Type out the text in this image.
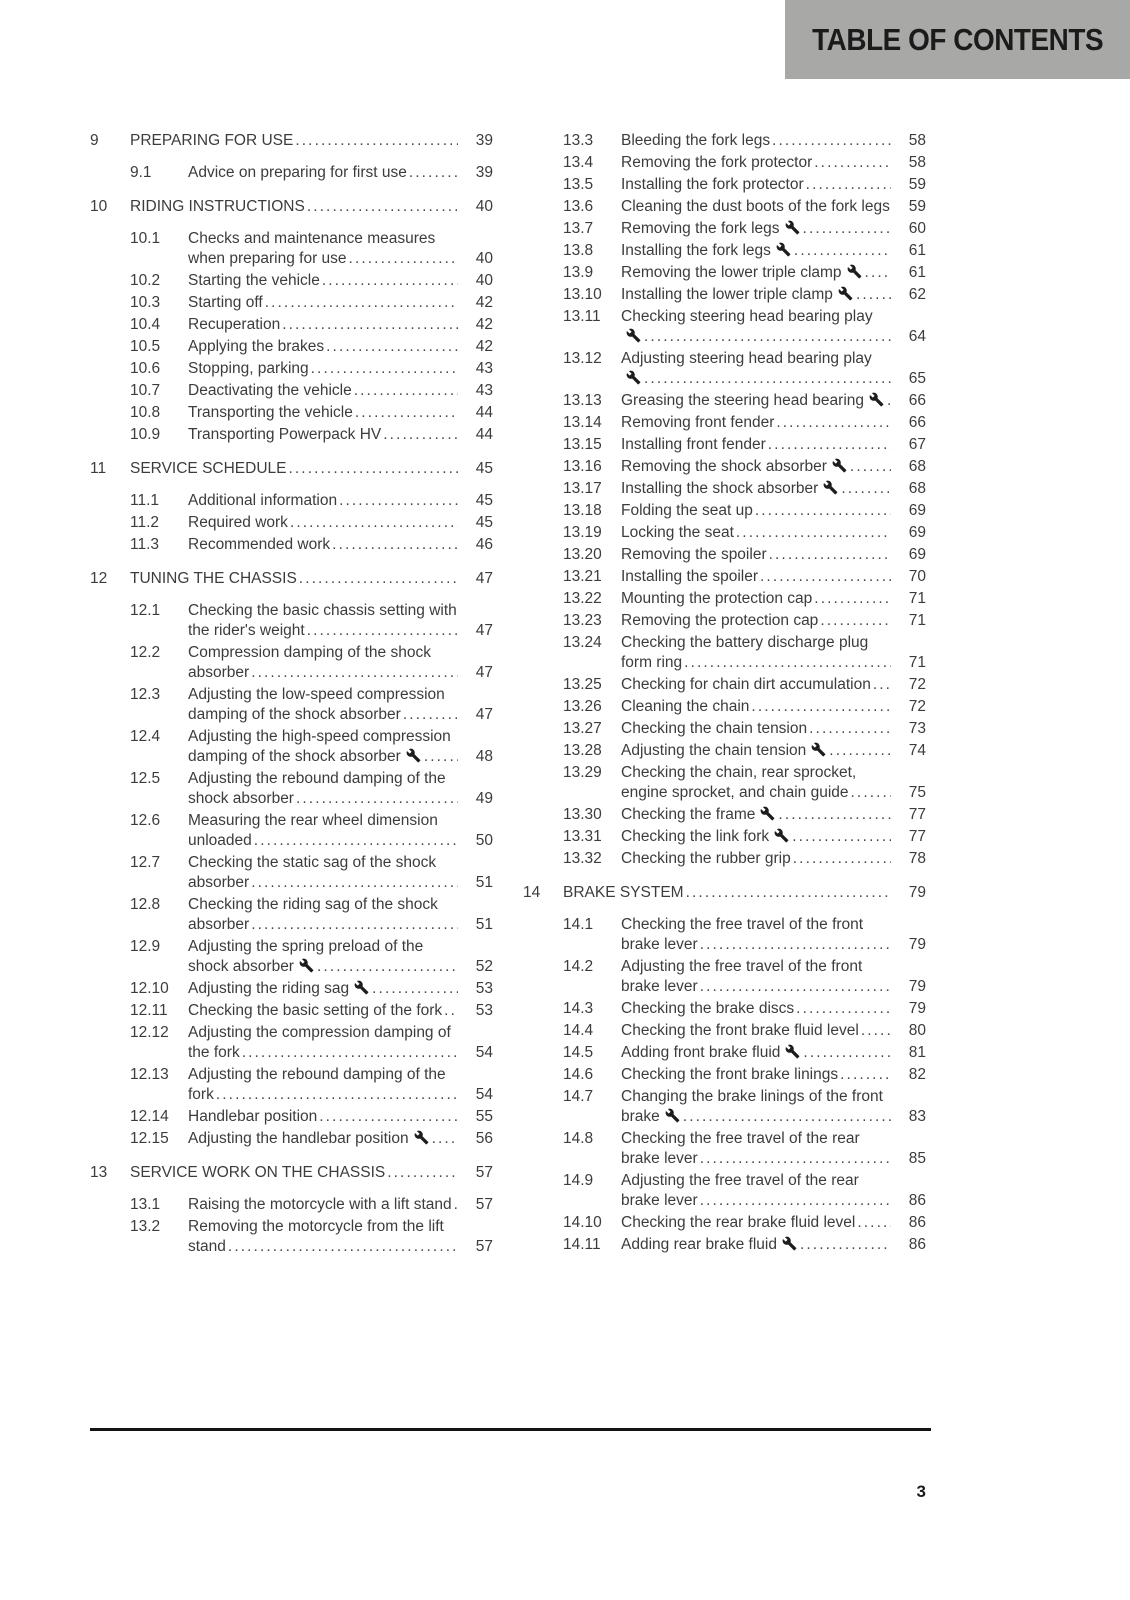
TABLE OF CONTENTS
9	PREPARING FOR USE .....	39
9.1	Advice on preparing for first use .....	39
10	RIDING INSTRUCTIONS .....	40
10.1	Checks and maintenance measures when preparing for use .....	40
10.2	Starting the vehicle .....	40
10.3	Starting off .....	42
10.4	Recuperation .....	42
10.5	Applying the brakes .....	42
10.6	Stopping, parking .....	43
10.7	Deactivating the vehicle .....	43
10.8	Transporting the vehicle .....	44
10.9	Transporting Powerpack HV .....	44
11	SERVICE SCHEDULE .....	45
11.1	Additional information .....	45
11.2	Required work .....	45
11.3	Recommended work .....	46
12	TUNING THE CHASSIS .....	47
12.1	Checking the basic chassis setting with the rider's weight .....	47
12.2	Compression damping of the shock absorber .....	47
12.3	Adjusting the low-speed compression damping of the shock absorber .....	47
12.4	Adjusting the high-speed compression damping of the shock absorber
.....	48
12.5	Adjusting the rebound damping of the shock absorber .....	49
12.6	Measuring the rear wheel dimension unloaded .....	50
12.7	Checking the static sag of the shock absorber .....	51
12.8	Checking the riding sag of the shock absorber .....	51
12.9	Adjusting the spring preload of the shock absorber
.....	52
12.10	Adjusting the riding sag
.....	53
12.11	Checking the basic setting of the fork .....	53
12.12	Adjusting the compression damping of the fork .....	54
12.13	Adjusting the rebound damping of the fork .....	54
12.14	Handlebar position .....	55
12.15	Adjusting the handlebar position
.....	56
13	SERVICE WORK ON THE CHASSIS .....	57
13.1	Raising the motorcycle with a lift stand .....	57
13.2	Removing the motorcycle from the lift stand .....	57
13.3	Bleeding the fork legs .....	58
13.4	Removing the fork protector .....	58
13.5	Installing the fork protector .....	59
13.6	Cleaning the dust boots of the fork legs .....	59
13.7	Removing the fork legs
.....	60
13.8	Installing the fork legs
.....	61
13.9	Removing the lower triple clamp
.....	61
13.10	Installing the lower triple clamp
.....	62
13.11	Checking steering head bearing play
.....
64
13.12	Adjusting steering head bearing play
.....
65
13.13	Greasing the steering head bearing
.....	66
13.14	Removing front fender .....	66
13.15	Installing front fender .....	67
13.16	Removing the shock absorber
.....	68
13.17	Installing the shock absorber
.....	68
13.18	Folding the seat up .....	69
13.19	Locking the seat .....	69
13.20	Removing the spoiler .....	69
13.21	Installing the spoiler .....	70
13.22	Mounting the protection cap .....	71
13.23	Removing the protection cap .....	71
13.24	Checking the battery discharge plug form ring .....	71
13.25	Checking for chain dirt accumulation .....	72
13.26	Cleaning the chain .....	72
13.27	Checking the chain tension .....	73
13.28	Adjusting the chain tension
.....	74
13.29	Checking the chain, rear sprocket, engine sprocket, and chain guide .....	75
13.30	Checking the frame
.....	77
13.31	Checking the link fork
.....	77
13.32	Checking the rubber grip .....	78
14	BRAKE SYSTEM .....	79
14.1	Checking the free travel of the front brake lever .....	79
14.2	Adjusting the free travel of the front brake lever .....	79
14.3	Checking the brake discs .....	79
14.4	Checking the front brake fluid level .....	80
14.5	Adding front brake fluid
.....	81
14.6	Checking the front brake linings .....	82
14.7	Changing the brake linings of the front brake
.....	83
14.8	Checking the free travel of the rear brake lever .....	85
14.9	Adjusting the free travel of the rear brake lever .....	86
14.10	Checking the rear brake fluid level .....	86
14.11	Adding rear brake fluid
.....	86
3
